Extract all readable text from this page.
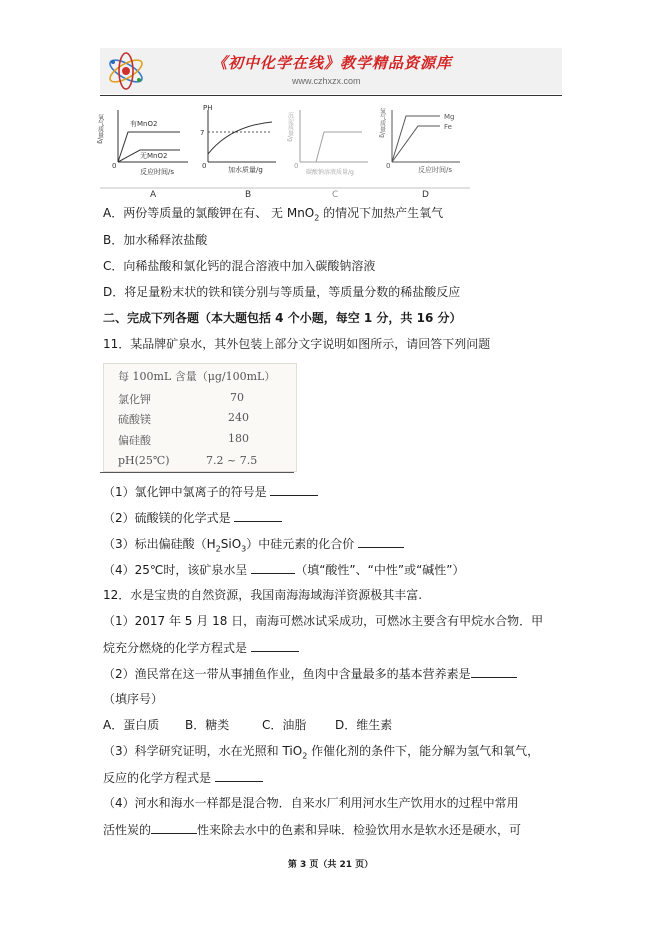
《初中化学在线》教学精品资源库
www.czhxzx.com
有MnO2
无MnO2
0
反应时间/s
氧气质量/g
A
7
PH
0	加水质量/g
B
沉淀质量/g
0
碳酸钠溶液质量/g
C
Mg
Fe
氢气质量/g
0	反应时间/s
D
A．两份等质量的氯酸钾在有、 无 MnO$_2$ 的情况下加热产生氧气
B．加水稀释浓盐酸
C．向稀盐酸和氯化钙的混合溶液中加入碳酸钠溶液
D．将足量粉末状的铁和镁分别与等质量，等质量分数的稀盐酸反应
二、完成下列各题（本大题包括 4 个小题，每空 1 分，共 16 分）
11．某品牌矿泉水，其外包装上部分文字说明如图所示，请回答下列问题
每 100mL 含量（μg/100mL）
氯化钾	70
硫酸镁	240
偏硅酸	180
pH(25℃)	7.2 ~ 7.5
（1）氯化钾中氯离子的符号是
（2）硫酸镁的化学式是
（3）标出偏硅酸$(H_2SiO_3)$中硅元素的化合价
（4）25℃时，该矿泉水呈	（填“酸性”、“中性”或“碱性”）
12．水是宝贵的自然资源，我国南海海域海洋资源极其丰富.
（1）2017 年 5 月 18 日，南海可燃冰试采成功，可燃冰主要含有甲烷水合物．甲
烷充分燃烧的化学方程式是
（2）渔民常在这一带从事捕鱼作业，鱼肉中含量最多的基本营养素是
（填序号）
A．蛋白质 B．糖类	C．油脂 D．维生素
（3）科学研究证明，水在光照和 TiO$_2$ 作催化剂的条件下，能分解为氢气和氧气，
反应的化学方程式是
（4）河水和海水一样都是混合物．自来水厂利用河水生产饮用水的过程中常用
活性炭的	性来除去水中的色素和异味．检验饮用水是软水还是硬水，可
第 3 页（共 21 页）
